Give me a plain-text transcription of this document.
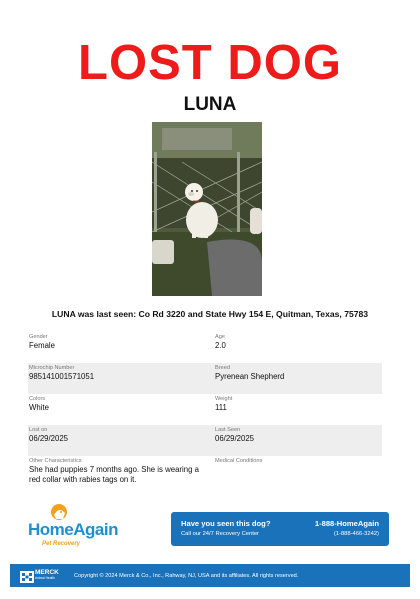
LOST DOG
LUNA
LUNA was last seen: Co Rd 3220 and State Hwy 154 E, Quitman, Texas, 75783
Gender
Female
Age
2.0
Microchip Number
985141001571051
Breed
Pyrenean Shepherd
Colors
White
Weight
111
Lost on
06/29/2025
Last Seen
06/29/2025
Other Characteristics
She had puppies 7 months ago. She is wearing a red collar with rabies tags on it.
Medical Conditions
HomeAgain
Pet Recovery
Have you seen this dog?
Call our 24/7 Recovery Center
1-888-HomeAgain
(1-888-466-3242)
MERCK
Animal Health	Copyright © 2024 Merck & Co., Inc., Rahway, NJ, USA and its affiliates. All rights reserved.
